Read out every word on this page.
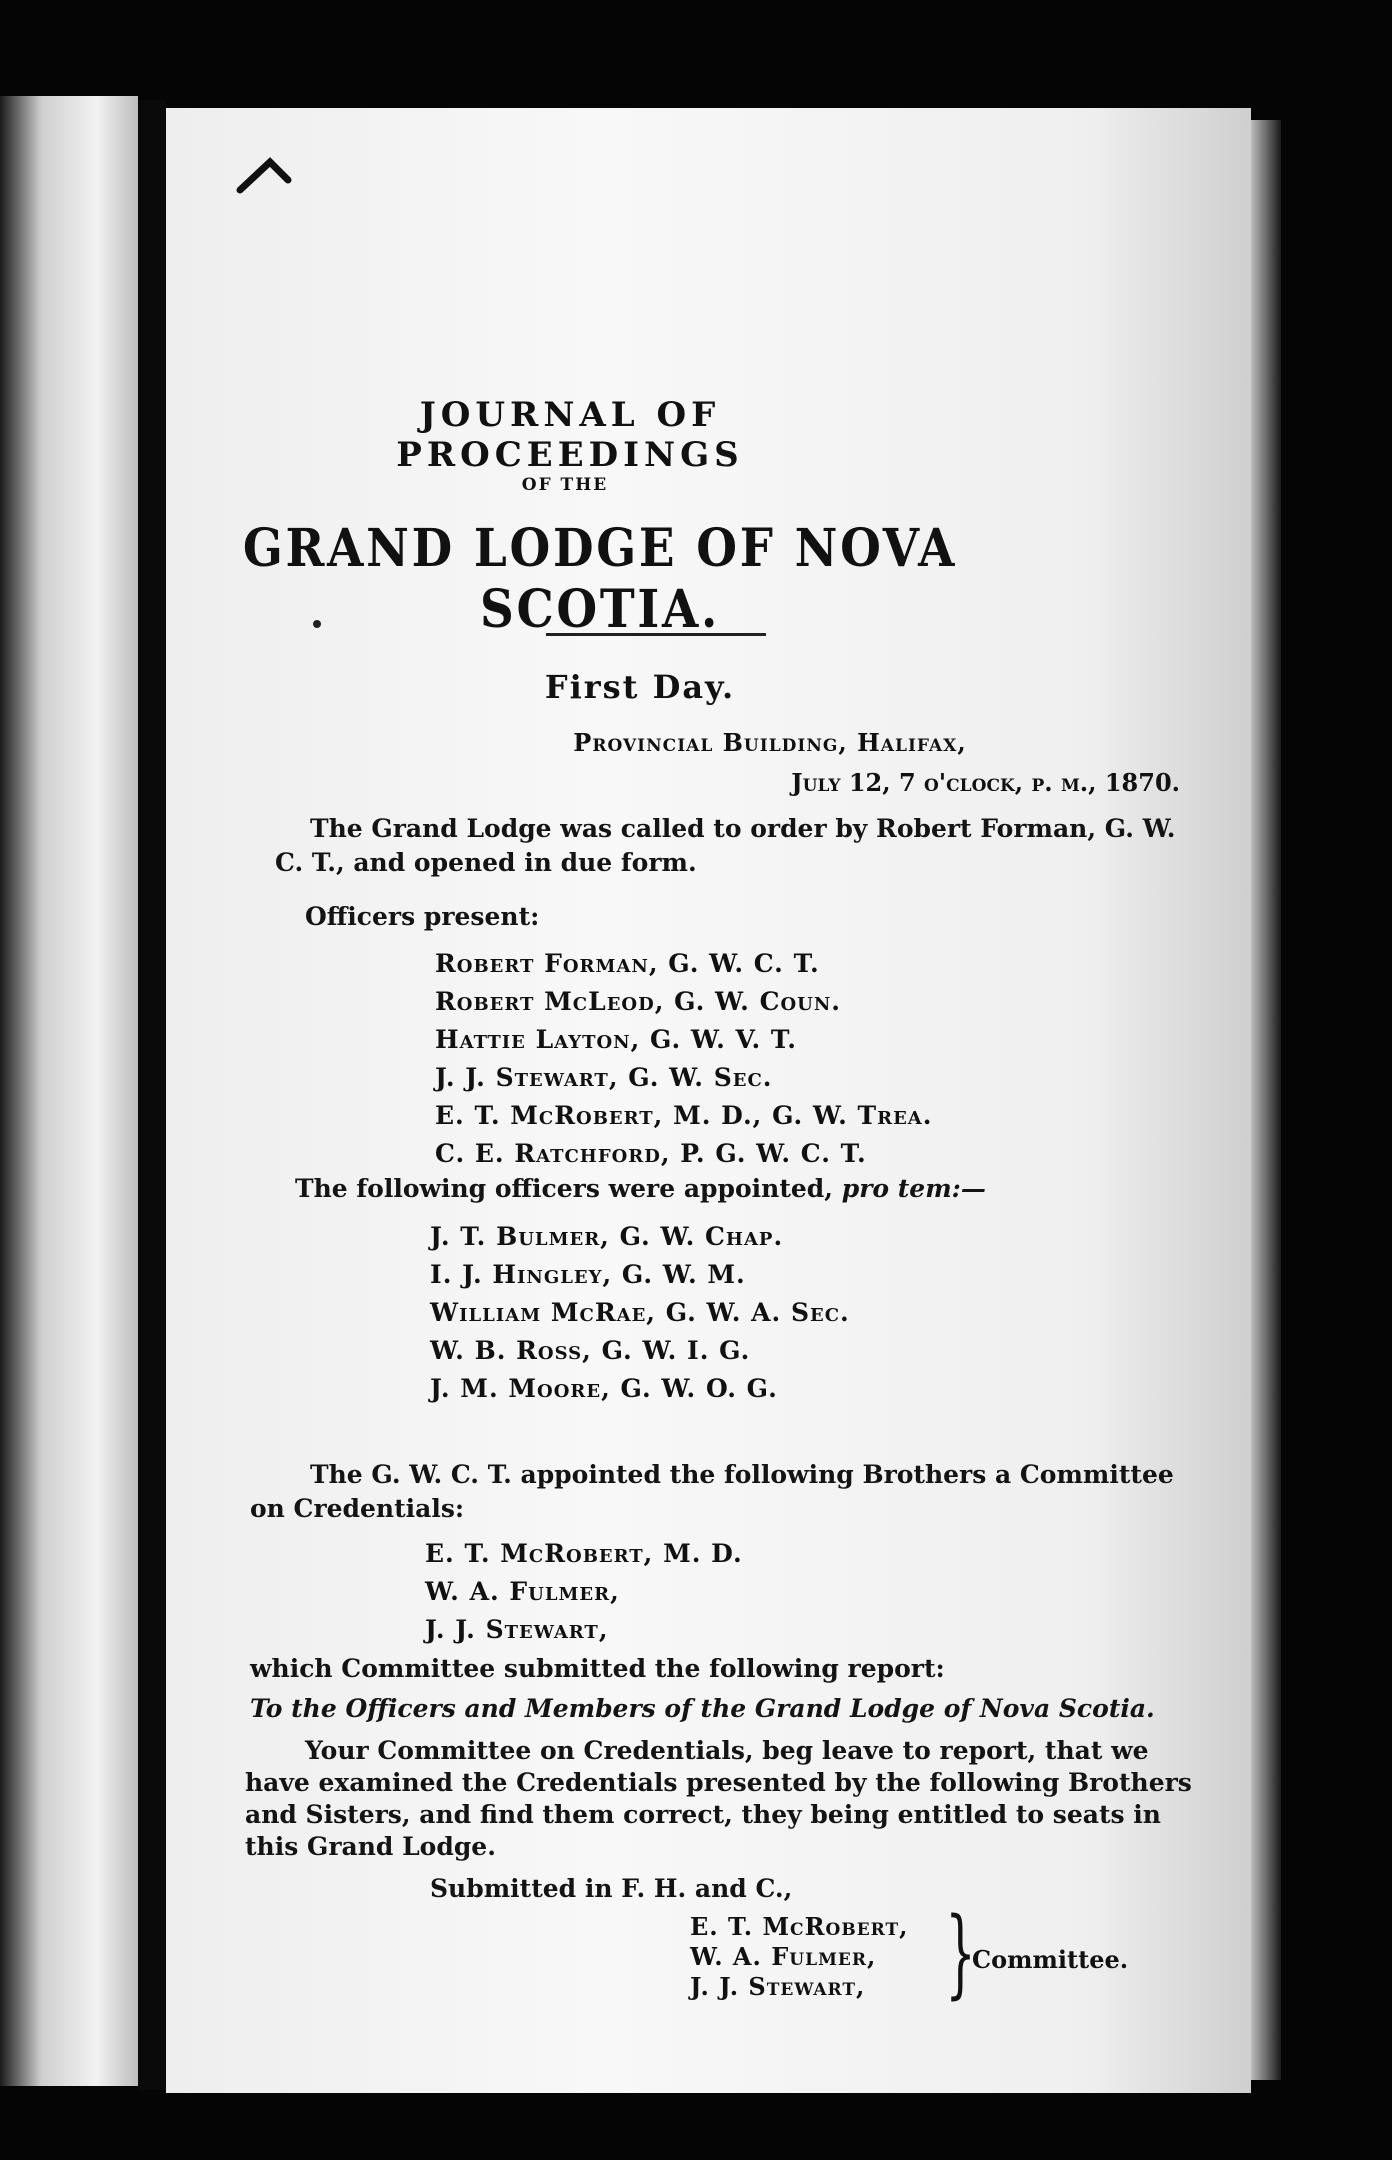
JOURNAL OF PROCEEDINGS
OF THE
GRAND LODGE OF NOVA SCOTIA.
First Day.
Provincial Building, Halifax,
July 12, 7 o'clock, p. m., 1870.
The Grand Lodge was called to order by Robert Forman, G. W. C. T., and opened in due form.
Officers present:
Robert Forman, G. W. C. T.
Robert McLeod, G. W. Coun.
Hattie Layton, G. W. V. T.
J. J. Stewart, G. W. Sec.
E. T. McRobert, M. D., G. W. Trea.
C. E. Ratchford, P. G. W. C. T.
The following officers were appointed, pro tem:—
J. T. Bulmer, G. W. Chap.
I. J. Hingley, G. W. M.
William McRae, G. W. A. Sec.
W. B. Ross, G. W. I. G.
J. M. Moore, G. W. O. G.
The G. W. C. T. appointed the following Brothers a Committee on Credentials:
E. T. McRobert, M. D.
W. A. Fulmer,
J. J. Stewart,
which Committee submitted the following report:
To the Officers and Members of the Grand Lodge of Nova Scotia.
Your Committee on Credentials, beg leave to report, that we have examined the Credentials presented by the following Brothers and Sisters, and find them correct, they being entitled to seats in this Grand Lodge.
Submitted in F. H. and C.,
E. T. McRobert,
W. A. Fulmer,
J. J. Stewart, }
Committee.
